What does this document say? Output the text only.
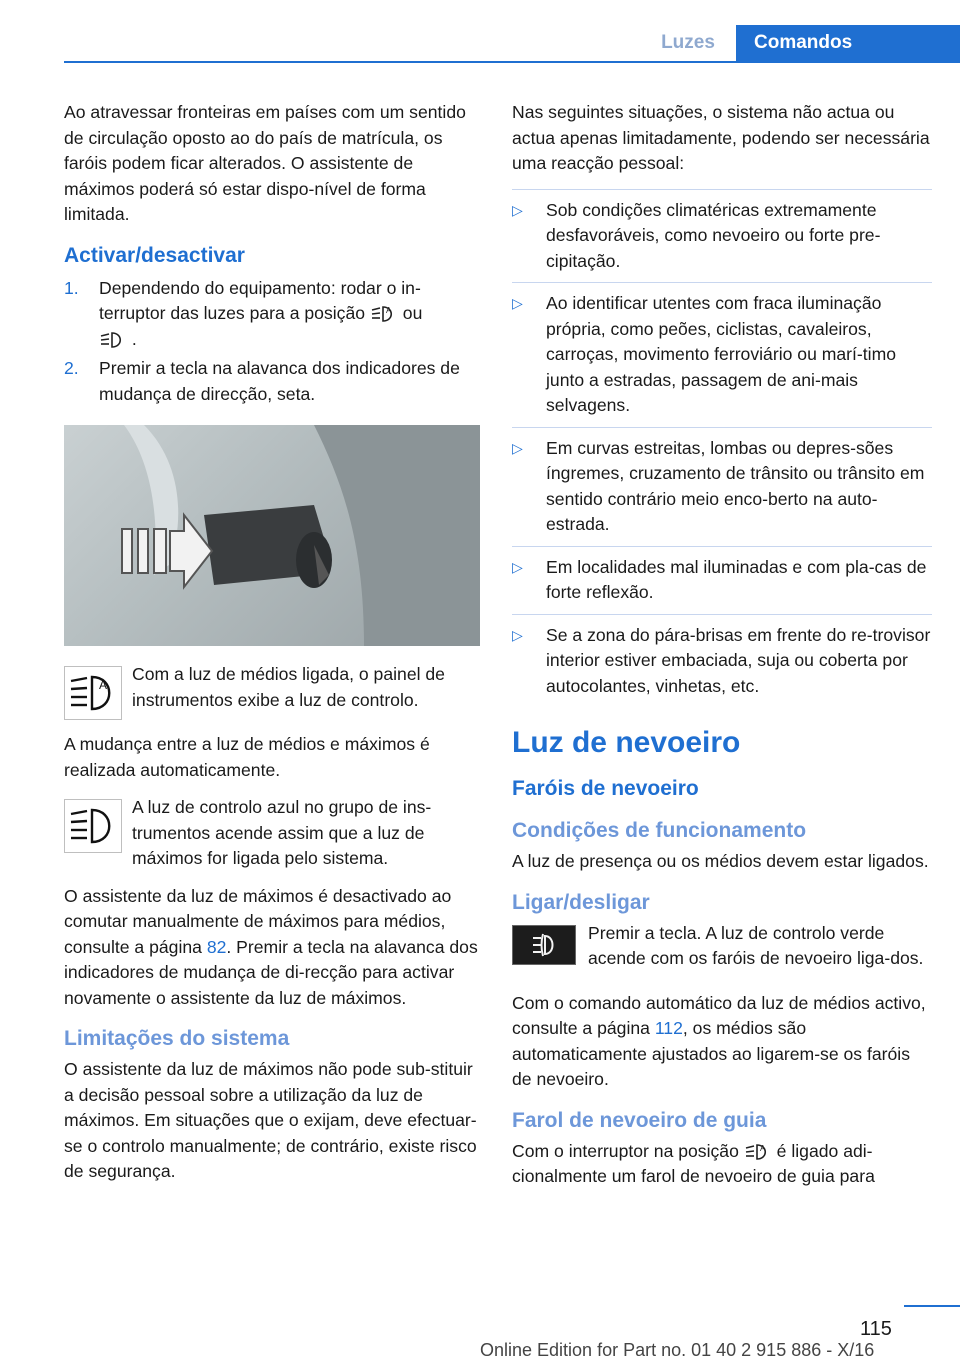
Luzes	Comandos

Ao atravessar fronteiras em países com um sentido de circulação oposto ao do país de matrícula, os faróis podem ficar alterados. O assistente de máximos poderá só estar dispo-nível de forma limitada.

Activar/desactivar
1. Dependendo do equipamento: rodar o in-terruptor das luzes para a posição	A ou
.
2. Premir a tecla na alavanca dos indicadores de mudança de direcção, seta.
A
Com a luz de médios ligada, o painel de instrumentos exibe a luz de controlo.

A mudança entre a luz de médios e máximos é realizada automaticamente.

A luz de controlo azul no grupo de ins-trumentos acende assim que a luz de máximos for ligada pelo sistema.

O assistente da luz de máximos é desactivado ao comutar manualmente de máximos para médios, consulte a página 82. Premir a tecla na alavanca dos indicadores de mudança de di-recção para activar novamente o assistente da luz de máximos.

Limitações do sistema

O assistente da luz de máximos não pode sub-stituir a decisão pessoal sobre a utilização da luz de máximos. Em situações que o exijam, deve efectuar-se o controlo manualmente; de contrário, existe risco de segurança.

Nas seguintes situações, o sistema não actua ou actua apenas limitadamente, podendo ser necessária uma reacção pessoal:

▷ Sob condições climatéricas extremamente desfavoráveis, como nevoeiro ou forte pre-cipitação.
▷ Ao identificar utentes com fraca iluminação própria, como peões, ciclistas, cavaleiros, carroças, movimento ferroviário ou marí-timo junto a estradas, passagem de ani-mais selvagens.
▷ Em curvas estreitas, lombas ou depres-sões íngremes, cruzamento de trânsito ou trânsito em sentido contrário meio enco-berto na auto-estrada.
▷ Em localidades mal iluminadas e com pla-cas de forte reflexão.
▷ Se a zona do pára-brisas em frente do re-trovisor interior estiver embaciada, suja ou coberta por autocolantes, vinhetas, etc.
Luz de nevoeiro
Faróis de nevoeiro
Condições de funcionamento

A luz de presença ou os médios devem estar ligados.

Ligar/desligar
Premir a tecla. A luz de controlo verde acende com os faróis de nevoeiro liga-dos.

Com o comando automático da luz de médios activo, consulte a página 112, os médios são automaticamente ajustados ao ligarem-se os faróis de nevoeiro.

Farol de nevoeiro de guia

Com o interruptor na posição	A é ligado adi-cionalmente um farol de nevoeiro de guia para

115
Online Edition for Part no. 01 40 2 915 886 - X/16
